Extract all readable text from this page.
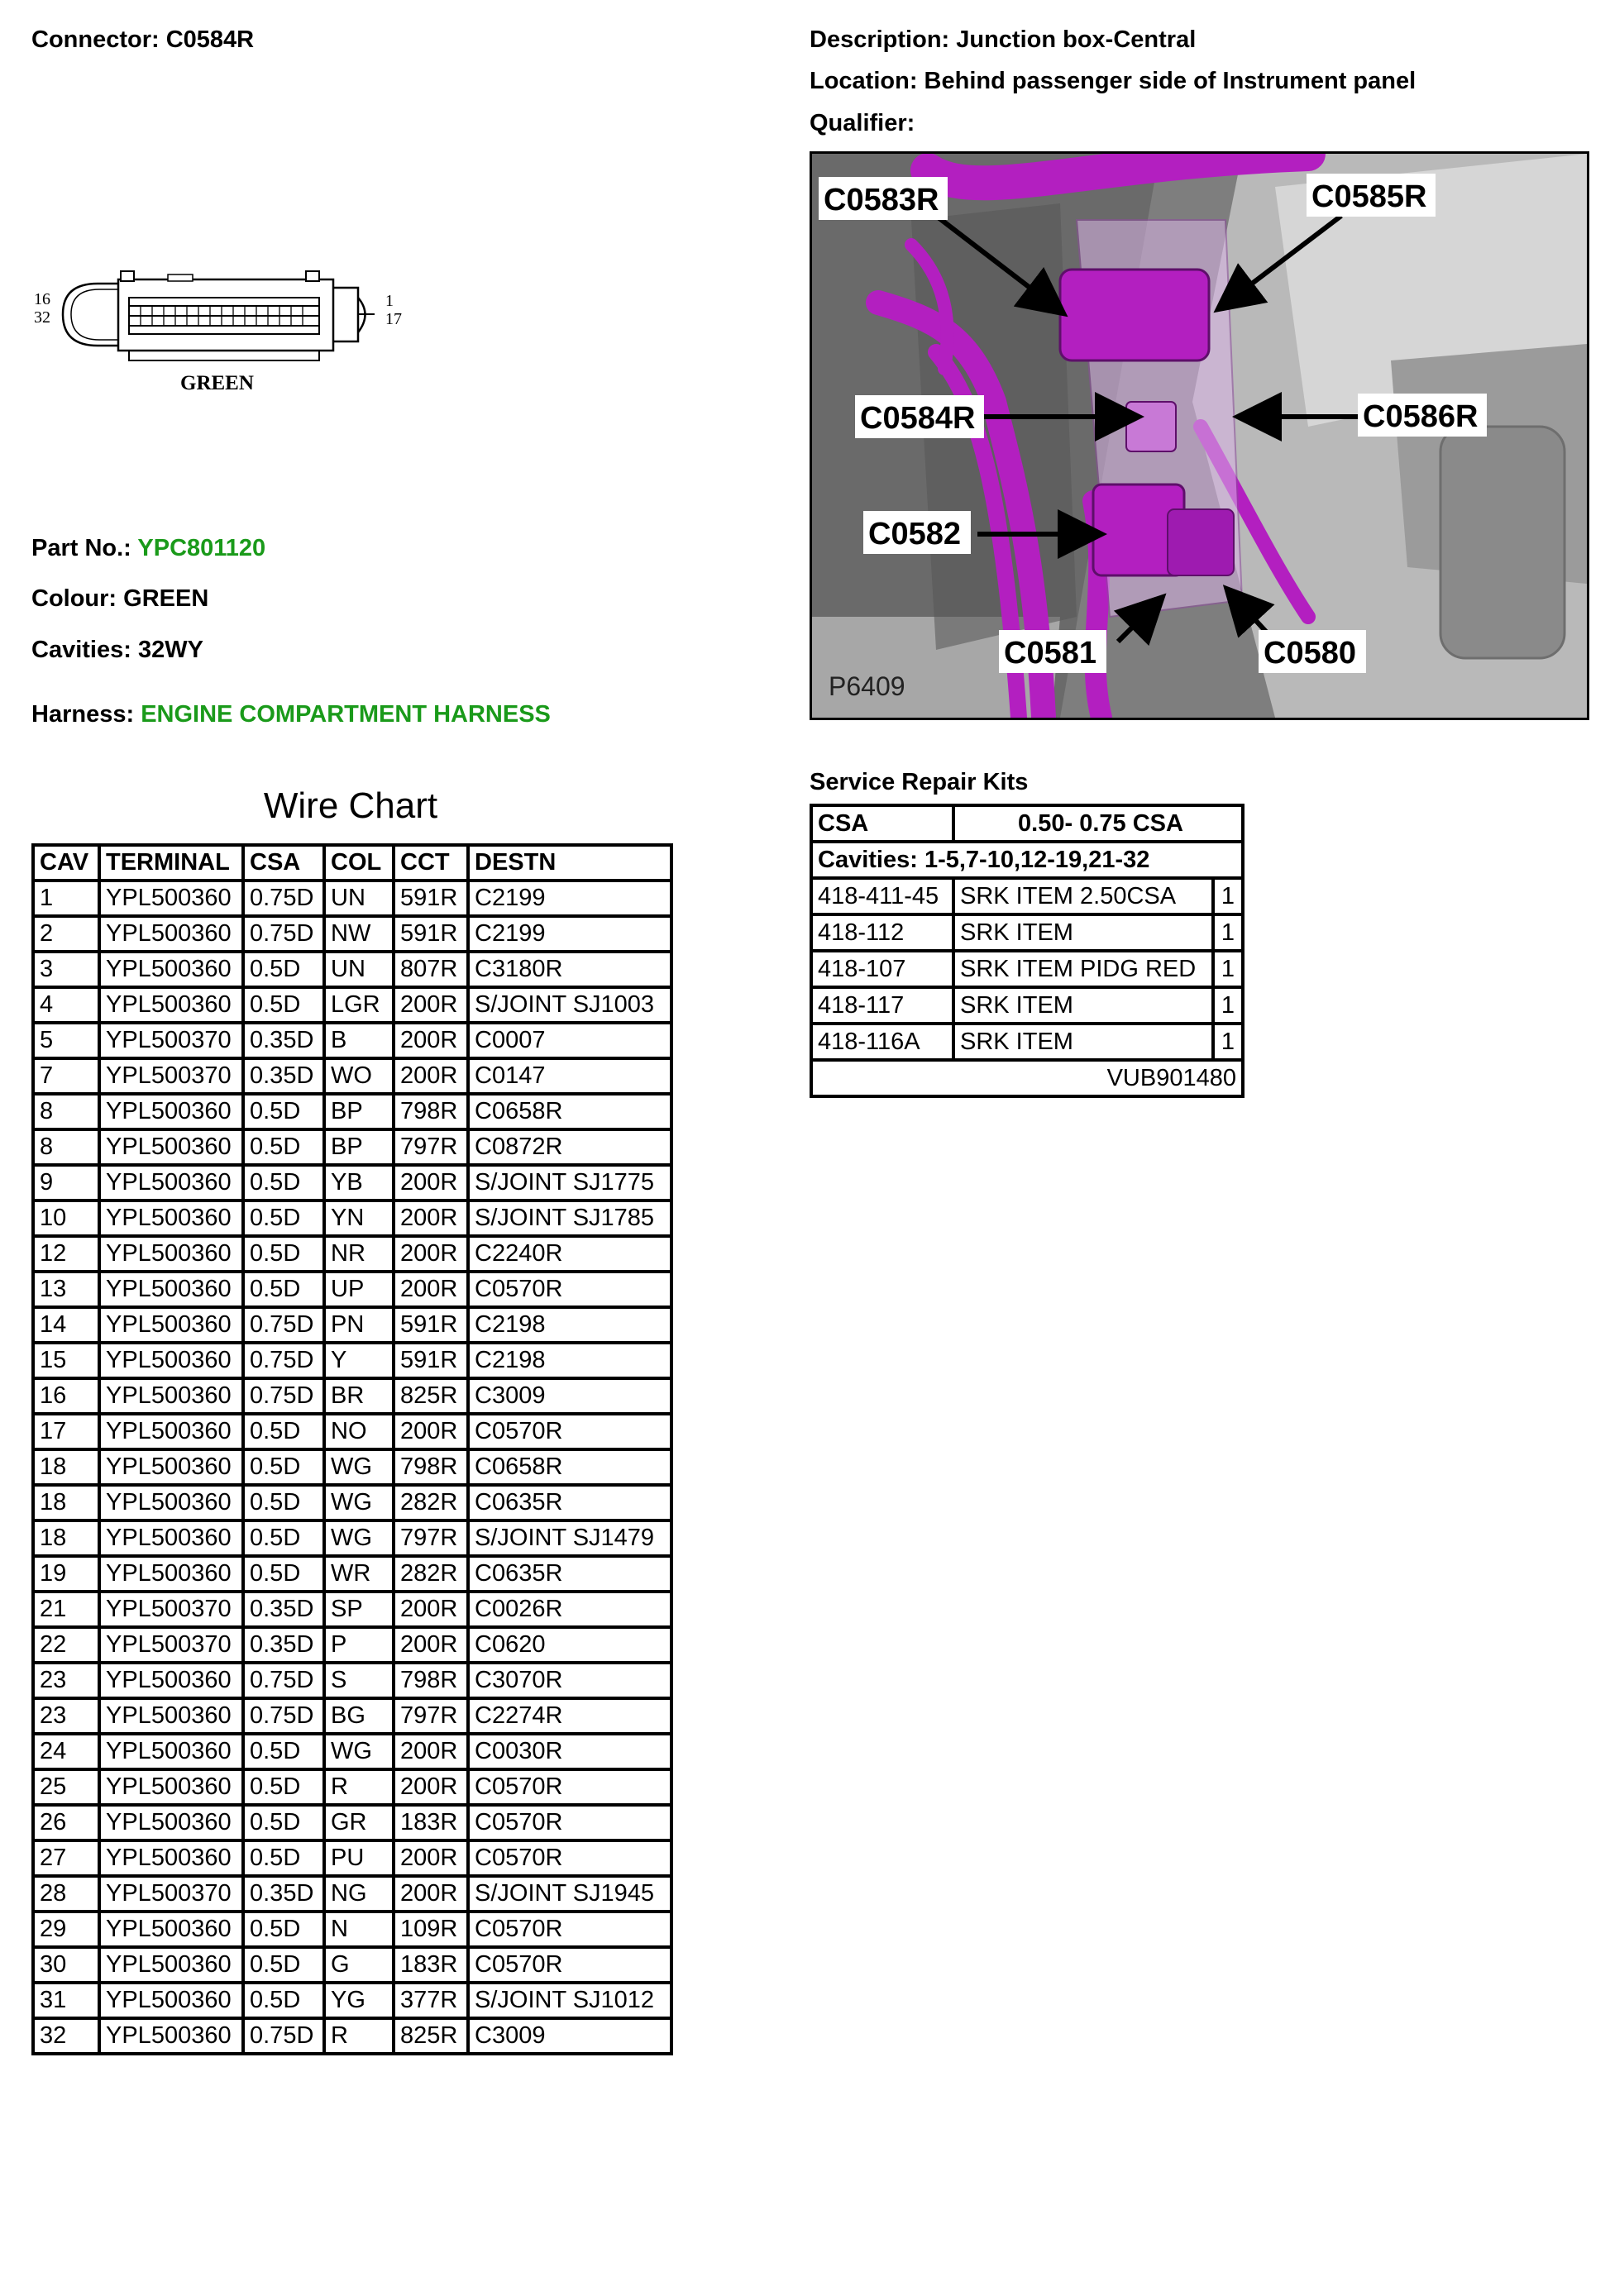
Connector: C0584R	Description: Junction box-Central
Location: Behind passenger side of Instrument panel
Qualifier:
16
32
1
17
GREEN
Part No.: YPC801120
Colour: GREEN
Cavities: 32WY
Harness: ENGINE COMPARTMENT HARNESS
C0583R	C0585R
C0584R	C0586R
C0582
C0581	C0580
P6409
Wire Chart
CAV	TERMINAL	CSA	COL	CCT	DESTN
1	YPL500360	0.75D	UN	591R	C2199
2	YPL500360	0.75D	NW	591R	C2199
3	YPL500360	0.5D	UN	807R	C3180R
4	YPL500360	0.5D	LGR	200R	S/JOINT SJ1003
5	YPL500370	0.35D	B	200R	C0007
7	YPL500370	0.35D	WO	200R	C0147
8	YPL500360	0.5D	BP	798R	C0658R
8	YPL500360	0.5D	BP	797R	C0872R
9	YPL500360	0.5D	YB	200R	S/JOINT SJ1775
10	YPL500360	0.5D	YN	200R	S/JOINT SJ1785
12	YPL500360	0.5D	NR	200R	C2240R
13	YPL500360	0.5D	UP	200R	C0570R
14	YPL500360	0.75D	PN	591R	C2198
15	YPL500360	0.75D	Y	591R	C2198
16	YPL500360	0.75D	BR	825R	C3009
17	YPL500360	0.5D	NO	200R	C0570R
18	YPL500360	0.5D	WG	798R	C0658R
18	YPL500360	0.5D	WG	282R	C0635R
18	YPL500360	0.5D	WG	797R	S/JOINT SJ1479
19	YPL500360	0.5D	WR	282R	C0635R
21	YPL500370	0.35D	SP	200R	C0026R
22	YPL500370	0.35D	P	200R	C0620
23	YPL500360	0.75D	S	798R	C3070R
23	YPL500360	0.75D	BG	797R	C2274R
24	YPL500360	0.5D	WG	200R	C0030R
25	YPL500360	0.5D	R	200R	C0570R
26	YPL500360	0.5D	GR	183R	C0570R
27	YPL500360	0.5D	PU	200R	C0570R
28	YPL500370	0.35D	NG	200R	S/JOINT SJ1945
29	YPL500360	0.5D	N	109R	C0570R
30	YPL500360	0.5D	G	183R	C0570R
31	YPL500360	0.5D	YG	377R	S/JOINT SJ1012
32	YPL500360	0.75D	R	825R	C3009
Service Repair Kits
CSA	0.50- 0.75 CSA	
Cavities: 1-5,7-10,12-19,21-32		
418-411-45	SRK ITEM 2.50CSA	1
418-112	SRK ITEM	1
418-107	SRK ITEM PIDG RED	1
418-117	SRK ITEM	1
418-116A	SRK ITEM	1
VUB901480		
